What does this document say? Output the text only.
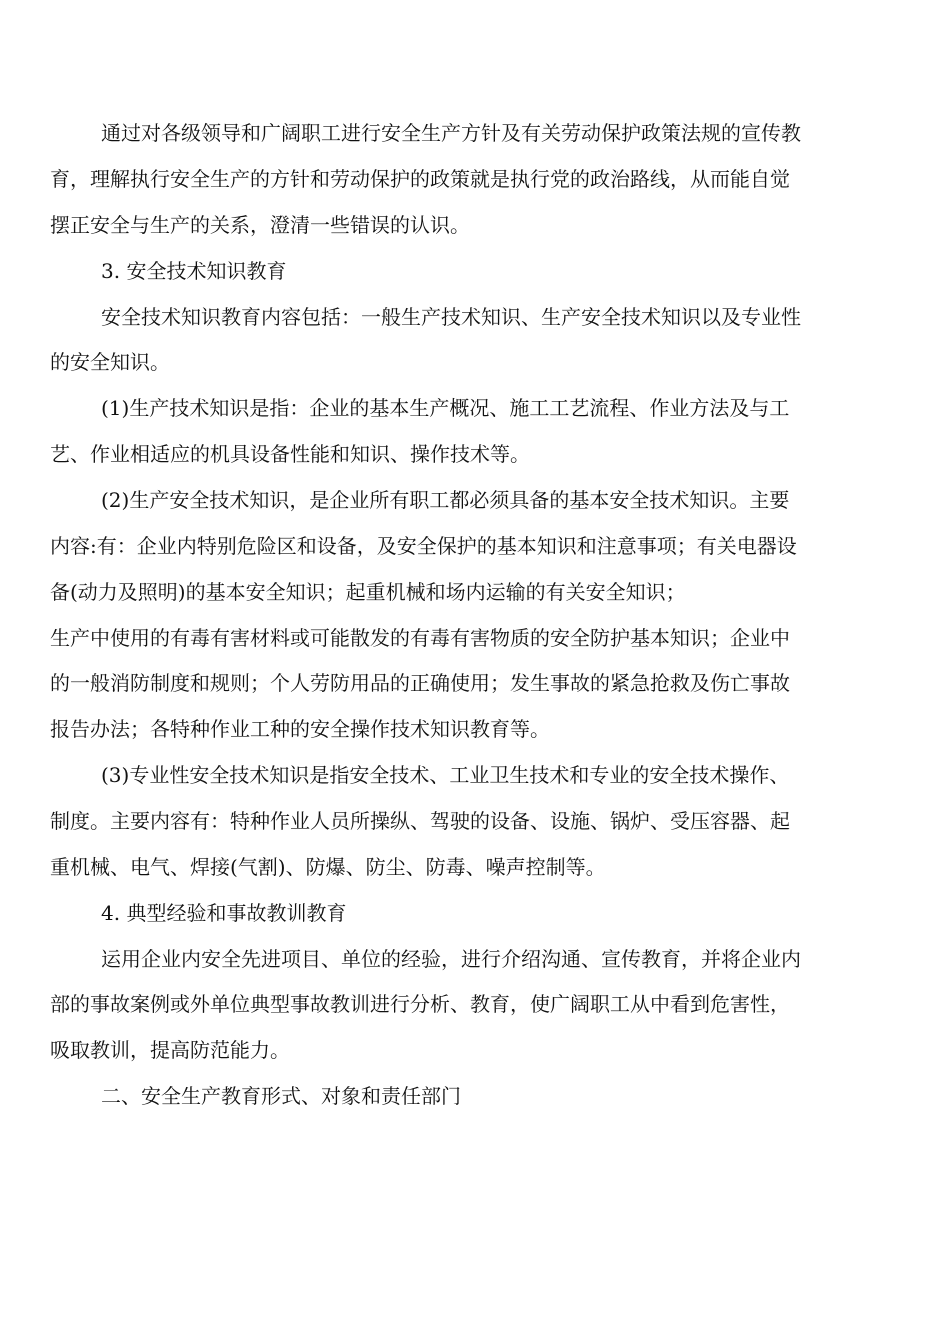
通过对各级领导和广阔职工进行安全生产方针及有关劳动保护政策法规的宣传教
育，理解执行安全生产的方针和劳动保护的政策就是执行党的政治路线，从而能自觉
摆正安全与生产的关系，澄清一些错误的认识。
3. 安全技术知识教育
安全技术知识教育内容包括：一般生产技术知识、生产安全技术知识以及专业性
的安全知识。
(1)生产技术知识是指：企业的基本生产概况、施工工艺流程、作业方法及与工
艺、作业相适应的机具设备性能和知识、操作技术等。
(2)生产安全技术知识，是企业所有职工都必须具备的基本安全技术知识。主要
内容:有：企业内特别危险区和设备，及安全保护的基本知识和注意事项；有关电器设
备(动力及照明)的基本安全知识；起重机械和场内运输的有关安全知识；
生产中使用的有毒有害材料或可能散发的有毒有害物质的安全防护基本知识；企业中
的一般消防制度和规则；个人劳防用品的正确使用；发生事故的紧急抢救及伤亡事故
报告办法；各特种作业工种的安全操作技术知识教育等。
(3)专业性安全技术知识是指安全技术、工业卫生技术和专业的安全技术操作、
制度。主要内容有：特种作业人员所操纵、驾驶的设备、设施、锅炉、受压容器、起
重机械、电气、焊接(气割)、防爆、防尘、防毒、噪声控制等。
4. 典型经验和事故教训教育
运用企业内安全先进项目、单位的经验，进行介绍沟通、宣传教育，并将企业内
部的事故案例或外单位典型事故教训进行分析、教育，使广阔职工从中看到危害性，
吸取教训，提高防范能力。
二、安全生产教育形式、对象和责任部门
